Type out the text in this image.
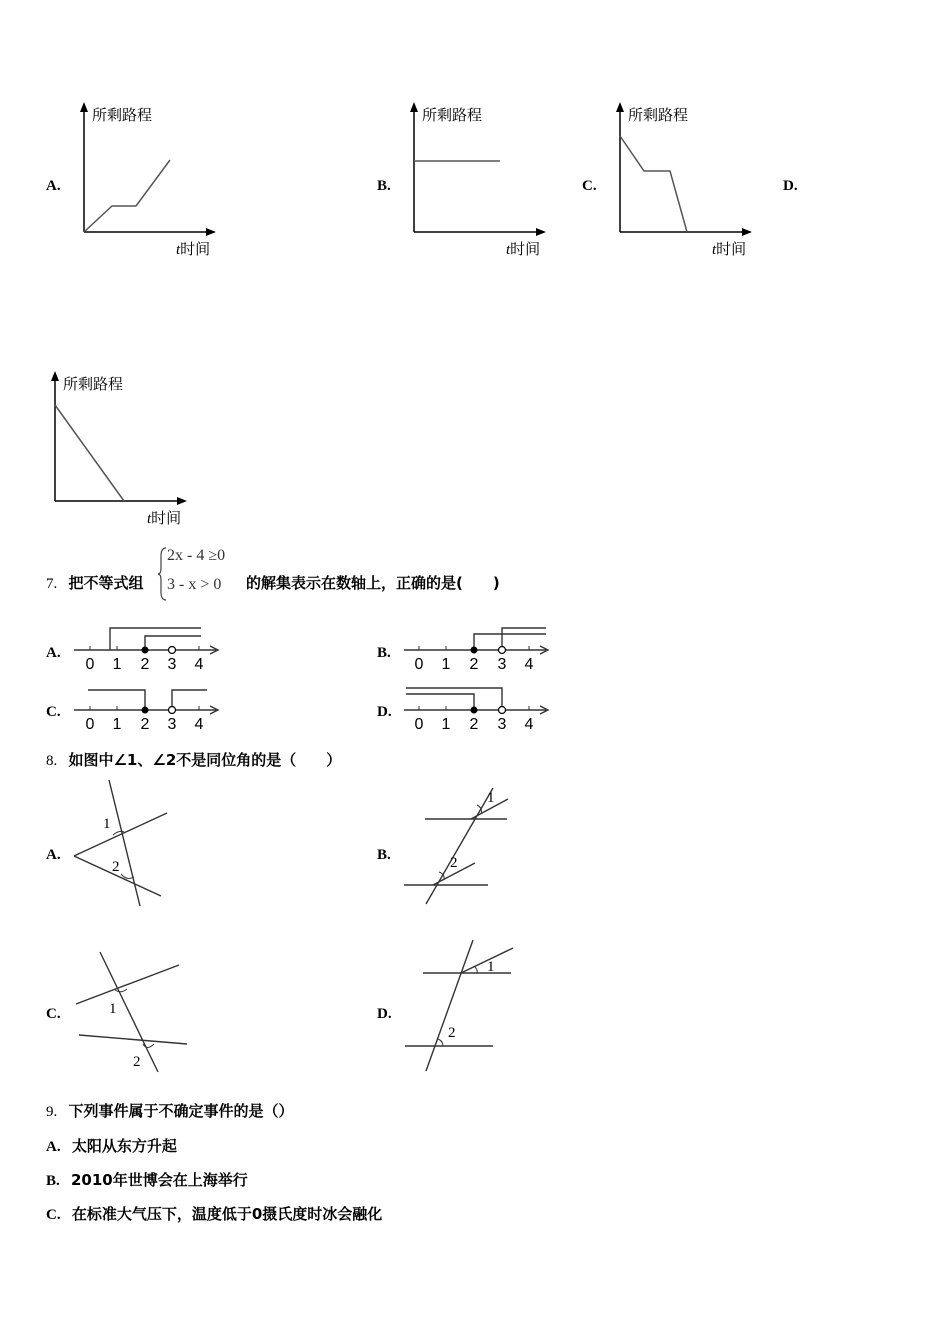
A.	B.	C.	D.
所剩路程
t时间
所剩路程
t时间
所剩路程
t时间
所剩路程
t时间
7. 把不等式组
2x - 4 ≥0
3 - x > 0 的解集表示在数轴上，正确的是(　　)
A.	B.
C.	D.
0 1 2 3 4	0 1 2 3 4
0 1 2 3 4	0 1 2 3 4
8. 如图中∠1、∠2不是同位角的是（　　）
A.	B.
C.	D.
1
2
1
2
1
2
1
2
9. 下列事件属于不确定事件的是（）
A. 太阳从东方升起
B. 2010年世博会在上海举行
C. 在标准大气压下，温度低于0摄氏度时冰会融化
